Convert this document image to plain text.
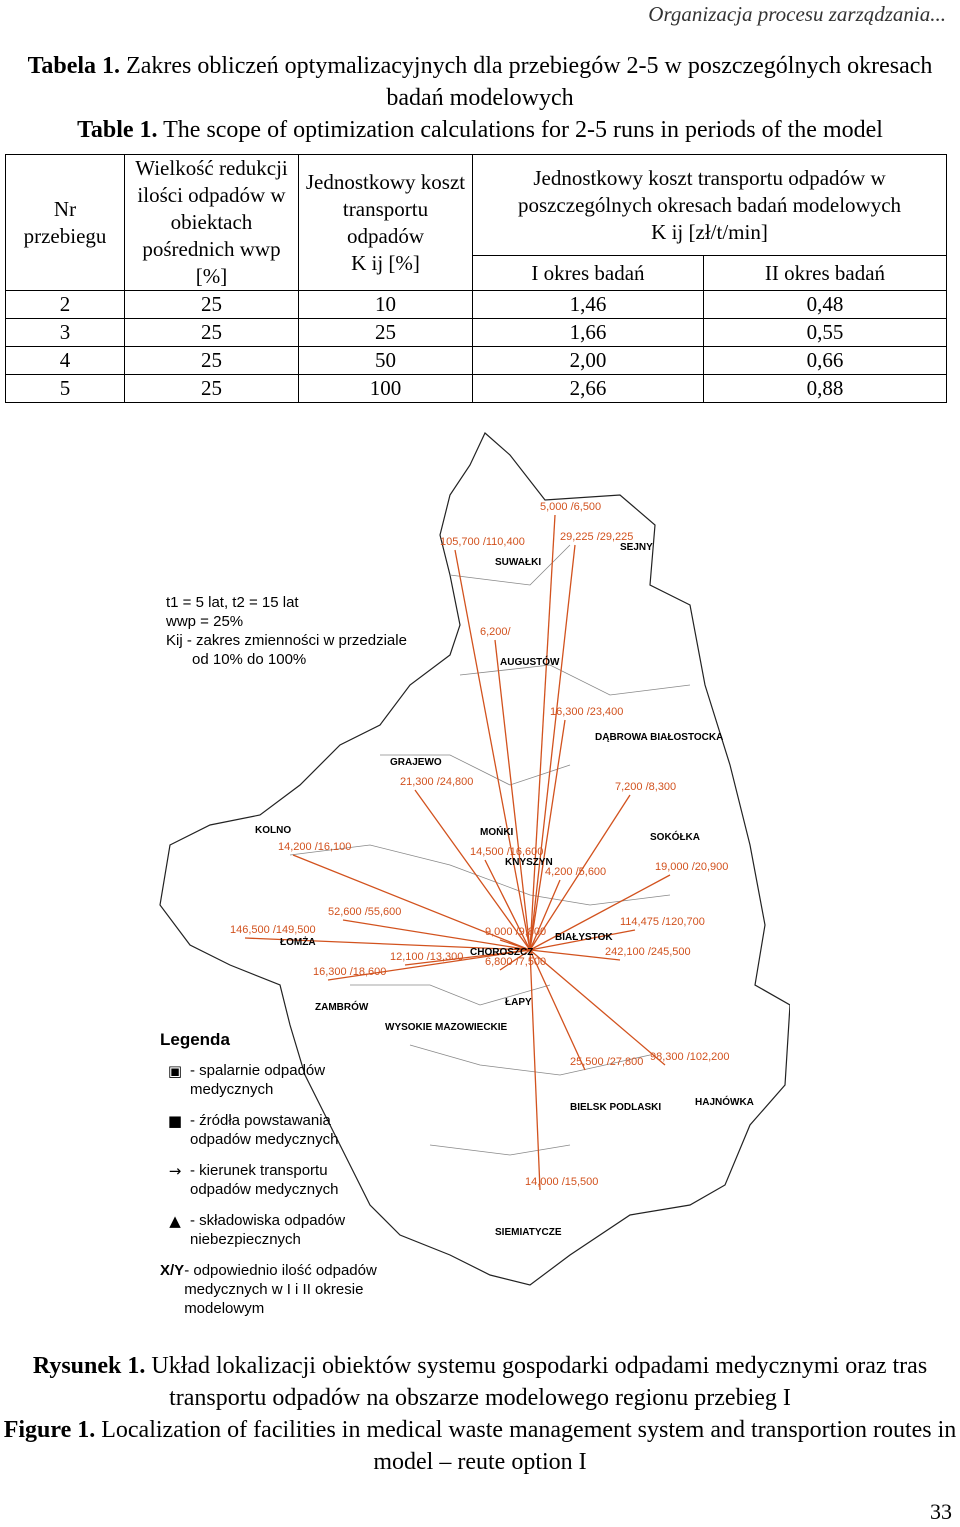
Organizacja procesu zarządzania...
Tabela 1. Zakres obliczeń optymalizacyjnych dla przebiegów 2-5 w poszczególnych okresach badań modelowych
Table 1. The scope of optimization calculations for 2-5 runs in periods of the model
Nr przebiegu	Wielkość redukcji ilości odpadów w obiektach pośrednich wwp [%]	Jednostkowy koszt transportu odpadów
K ij [%]	Jednostkowy koszt transportu odpadów w poszczególnych okresach badań modelowych
K ij [zł/t/min]	
			I okres badań	II okres badań
2	25	10	1,46	0,48
3	25	25	1,66	0,55
4	25	50	2,00	0,66
5	25	100	2,66	0,88
SUWAŁKI
SEJNY
AUGUSTÓW
DĄBROWA BIAŁOSTOCKA
GRAJEWO
KOLNO	MOŃKI	SOKÓŁKA
KNYSZYN
ŁOMŻA
ZAMBRÓW
BIAŁYSTOK
ŁAPY
WYSOKIE MAZOWIECKIE
CHOROSZCZ
BIELSK PODLASKI	HAJNÓWKA
SIEMIATYCZE
5,000 /6,500
29,225 /29,225
105,700 /110,400
6,200/
16,300 /23,400
21,300 /24,800	7,200 /8,300
14,200 /16,100	14,500 /16,600
4,200 /5,600	19,000 /20,900
52,600 /55,600
146,500 /149,500
16,300 /18,600
12,100 /13,300
9,000 /9,800
6,800 /7,500
114,475 /120,700
242,100 /245,500
25,500 /27,800 98,300 /102,200
14,000 /15,500
t1 = 5 lat, t2 = 15 lat
wwp = 25%
Kij - zakres zmienności w przedziale
od 10% do 100%
Legenda
▣ - spalarnie odpadów medycznych
■ - źródła powstawania odpadów medycznych
→ - kierunek transportu odpadów medycznych
▲ - składowiska odpadów niebezpiecznych
X/Y - odpowiednio ilość odpadów medycznych w I i II okresie modelowym
Rysunek 1. Układ lokalizacji obiektów systemu gospodarki odpadami medycznymi oraz tras transportu odpadów na obszarze modelowego regionu przebieg I
Figure 1. Localization of facilities in medical waste management system and transportion routes in model – reute option I
33
